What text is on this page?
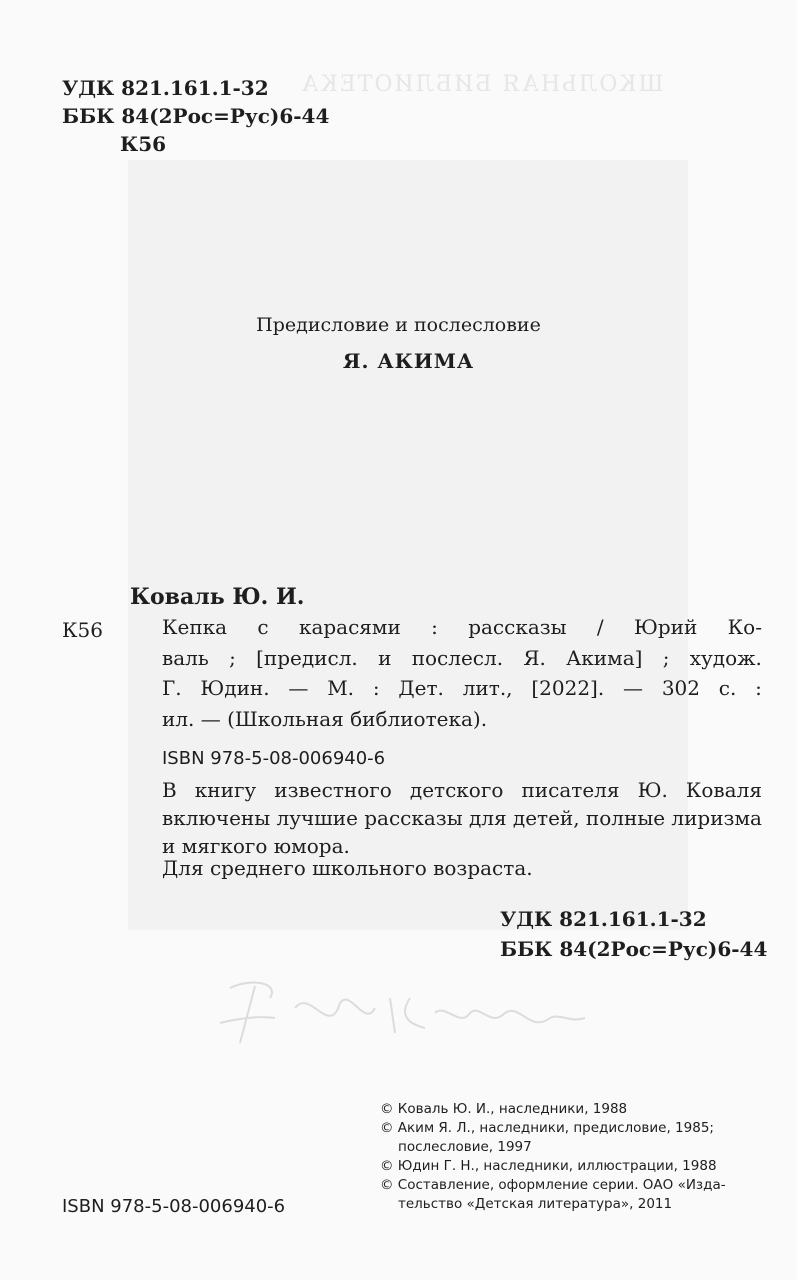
ШКОЛЬНАЯ БИБЛИОТЕКА
УДК 821.161.1-32
ББК 84(2Рос=Рус)6-44
К56
Предисловие и послесловие
Я. АКИМА
Коваль Ю. И.
К56	Кепка с карасями : рассказы / Юрий Ко-
валь ; [предисл. и послесл. Я. Акима] ; худож.
Г. Юдин. — М. : Дет. лит., [2022]. — 302 с. :
ил. — (Школьная библиотека).
ISBN 978-5-08-006940-6
В книгу известного детского писателя Ю. Коваля
включены лучшие рассказы для детей, полные лиризма
и мягкого юмора.
Для среднего школьного возраста.
УДК 821.161.1-32
ББК 84(2Рос=Рус)6-44
© Коваль Ю. И., наследники, 1988
© Аким Я. Л., наследники, предисловие, 1985;
послесловие, 1997
© Юдин Г. Н., наследники, иллюстрации, 1988
© Составление, оформление серии. ОАО «Изда-
тельство «Детская литература», 2011
ISBN 978-5-08-006940-6
